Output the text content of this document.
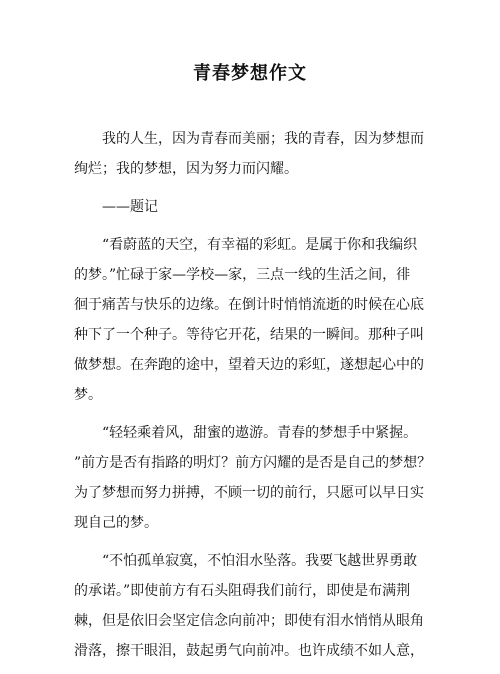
青春梦想作文
我的人生，因为青春而美丽；我的青春，因为梦想而
绚烂；我的梦想，因为努力而闪耀。
——题记
“看蔚蓝的天空，有幸福的彩虹。是属于你和我编织
的梦。”忙碌于家—学校—家，三点一线的生活之间，徘
徊于痛苦与快乐的边缘。在倒计时悄悄流逝的时候在心底
种下了一个种子。等待它开花，结果的一瞬间。那种子叫
做梦想。在奔跑的途中，望着天边的彩虹，遂想起心中的
梦。
“轻轻乘着风，甜蜜的遨游。青春的梦想手中紧握。
”前方是否有指路的明灯？前方闪耀的是否是自己的梦想？
为了梦想而努力拼搏，不顾一切的前行，只愿可以早日实
现自己的梦。
“不怕孤单寂寞，不怕泪水坠落。我要飞越世界勇敢
的承诺。”即使前方有石头阻碍我们前行，即使是布满荆
棘，但是依旧会坚定信念向前冲；即使有泪水悄悄从眼角
滑落，擦干眼泪，鼓起勇气向前冲。也许成绩不如人意，
